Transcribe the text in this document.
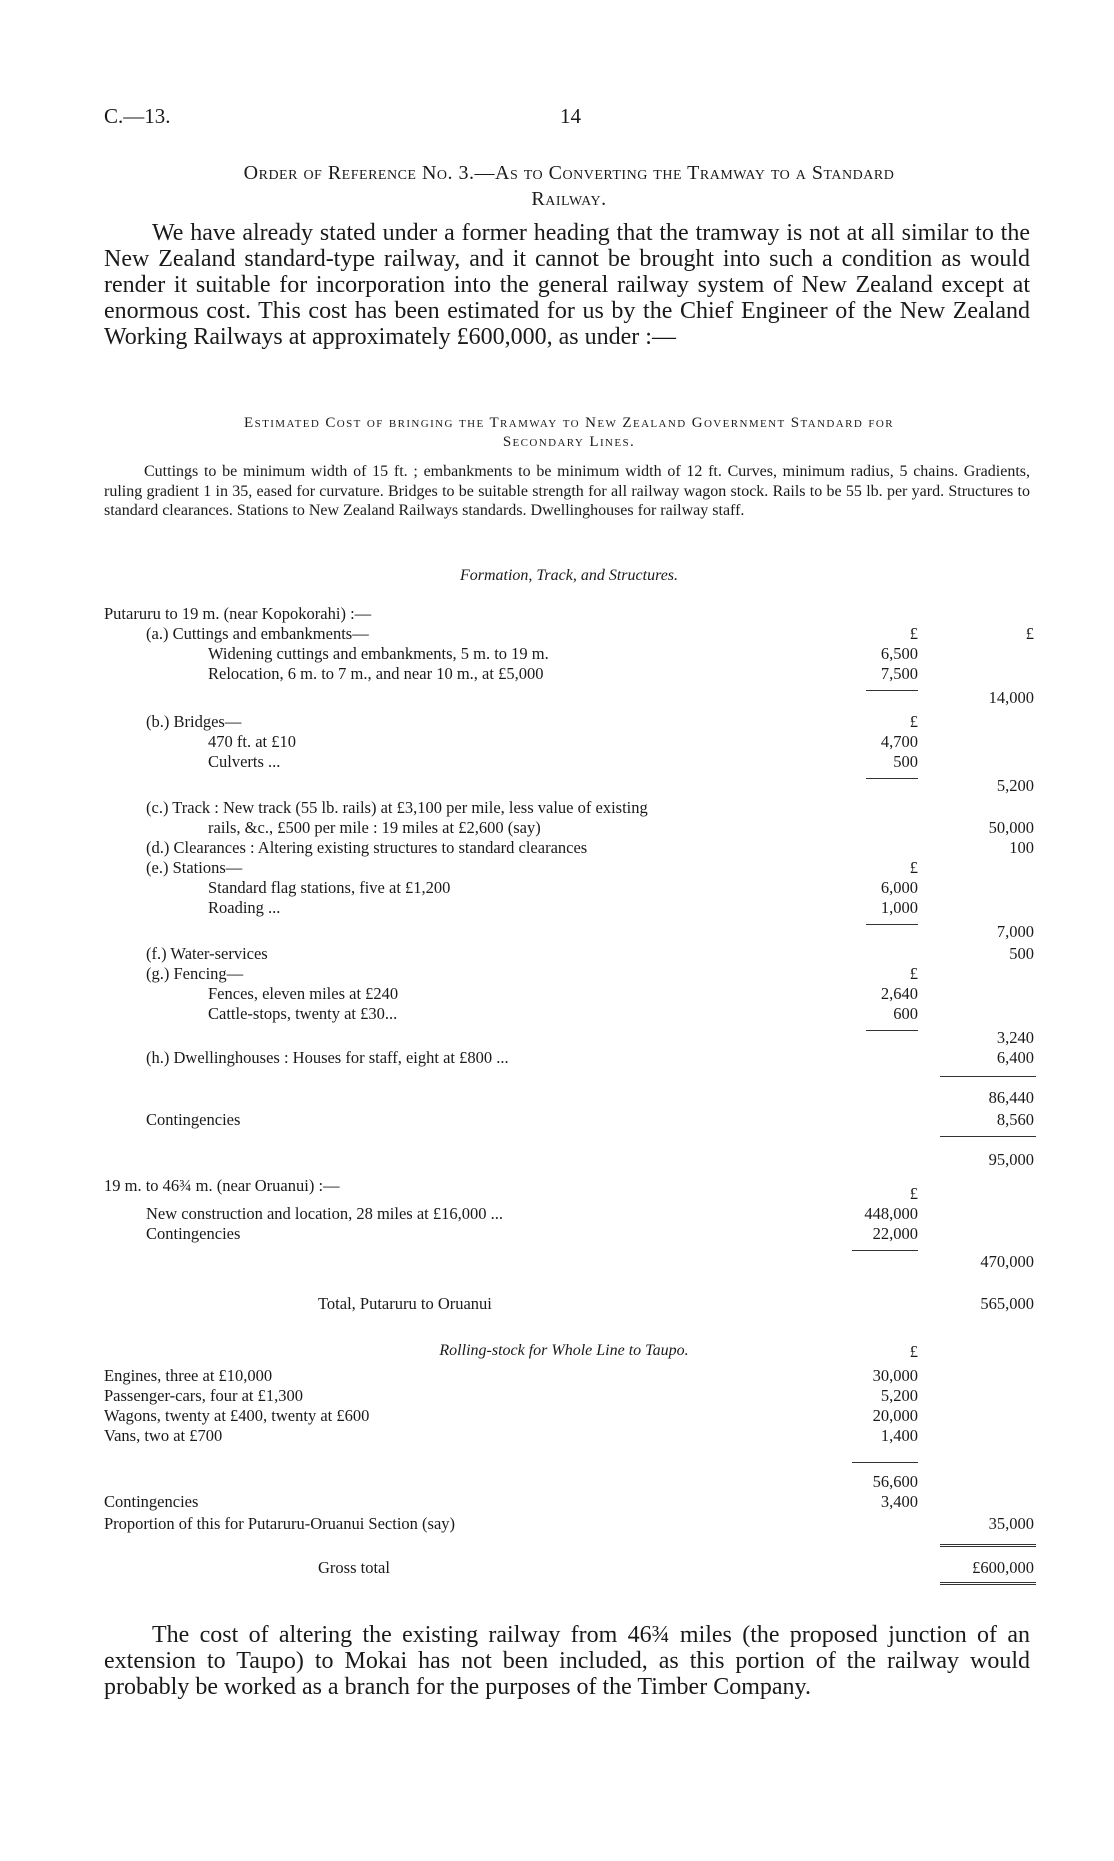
C.—13.	14
Order of Reference No. 3.—As to Converting the Tramway to a Standard
Railway.
We have already stated under a former heading that the tramway is not at all similar to the New Zealand standard-type railway, and it cannot be brought into such a condition as would render it suitable for incorporation into the general railway system of New Zealand except at enormous cost. This cost has been estimated for us by the Chief Engineer of the New Zealand Working Railways at approximately £600,000, as under :—
Estimated Cost of bringing the Tramway to New Zealand Government Standard for
Secondary Lines.
Cuttings to be minimum width of 15 ft. ; embankments to be minimum width of 12 ft. Curves, minimum radius, 5 chains. Gradients, ruling gradient 1 in 35, eased for curvature. Bridges to be suitable strength for all railway wagon stock. Rails to be 55 lb. per yard. Structures to standard clearances. Stations to New Zealand Railways standards. Dwellinghouses for railway staff.
Formation, Track, and Structures.
Putaruru to 19 m. (near Kopokorahi) :—
(a.) Cuttings and embankments—	£	£
Widening cuttings and embankments, 5 m. to 19 m.	6,500
Relocation, 6 m. to 7 m., and near 10 m., at £5,000	7,500
14,000
(b.) Bridges—	£
470 ft. at £10	4,700
Culverts ...	500
5,200
(c.) Track : New track (55 lb. rails) at £3,100 per mile, less value of existing
rails, &c., £500 per mile : 19 miles at £2,600 (say)	50,000
(d.) Clearances : Altering existing structures to standard clearances	100
(e.) Stations—	£
Standard flag stations, five at £1,200	6,000
Roading ...	1,000
7,000
(f.) Water-services	500
(g.) Fencing—	£
Fences, eleven miles at £240	2,640
Cattle-stops, twenty at £30...	600
3,240
(h.) Dwellinghouses : Houses for staff, eight at £800 ...	6,400
86,440
Contingencies	8,560
95,000
19 m. to 46¾ m. (near Oruanui) :—	£
New construction and location, 28 miles at £16,000 ...	448,000
Contingencies	22,000
470,000
Total, Putaruru to Oruanui	565,000
Rolling-stock for Whole Line to Taupo.	£
Engines, three at £10,000	30,000
Passenger-cars, four at £1,300	5,200
Wagons, twenty at £400, twenty at £600	20,000
Vans, two at £700	1,400
56,600
Contingencies	3,400
Proportion of this for Putaruru-Oruanui Section (say)	35,000
Gross total	£600,000
The cost of altering the existing railway from 46¾ miles (the proposed junction of an extension to Taupo) to Mokai has not been included, as this portion of the railway would probably be worked as a branch for the purposes of the Timber Company.
